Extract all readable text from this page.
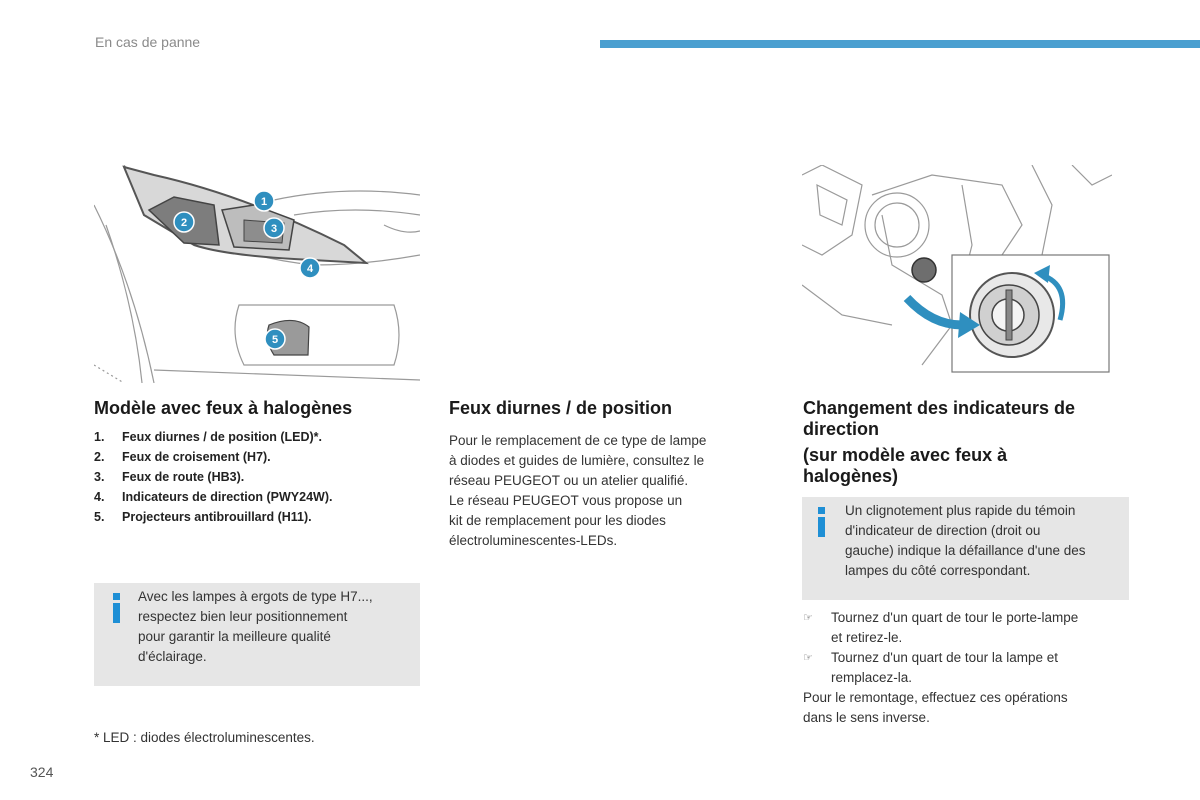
En cas de panne
1
2	3
4
5
Modèle avec feux à halogènes
1.	Feux diurnes / de position (LED)*.
2.	Feux de croisement (H7).
3.	Feux de route (HB3).
4.	Indicateurs de direction (PWY24W).
5.	Projecteurs antibrouillard (H11).
Avec les lampes à ergots de type H7...,
respectez bien leur positionnement
pour garantir la meilleure qualité
d'éclairage.
* LED : diodes électroluminescentes.
Feux diurnes / de position
Pour le remplacement de ce type de lampe
à diodes et guides de lumière, consultez le
réseau PEUGEOT ou un atelier qualifié.
Le réseau PEUGEOT vous propose un
kit de remplacement pour les diodes
électroluminescentes-LEDs.
Changement des indicateurs de
direction
(sur modèle avec feux à
halogènes)
Un clignotement plus rapide du témoin
d'indicateur de direction (droit ou
gauche) indique la défaillance d'une des
lampes du côté correspondant.
☞	Tournez d'un quart de tour le porte-lampe
et retirez-le.
☞	Tournez d'un quart de tour la lampe et
remplacez-la.
Pour le remontage, effectuez ces opérations
dans le sens inverse.
324
